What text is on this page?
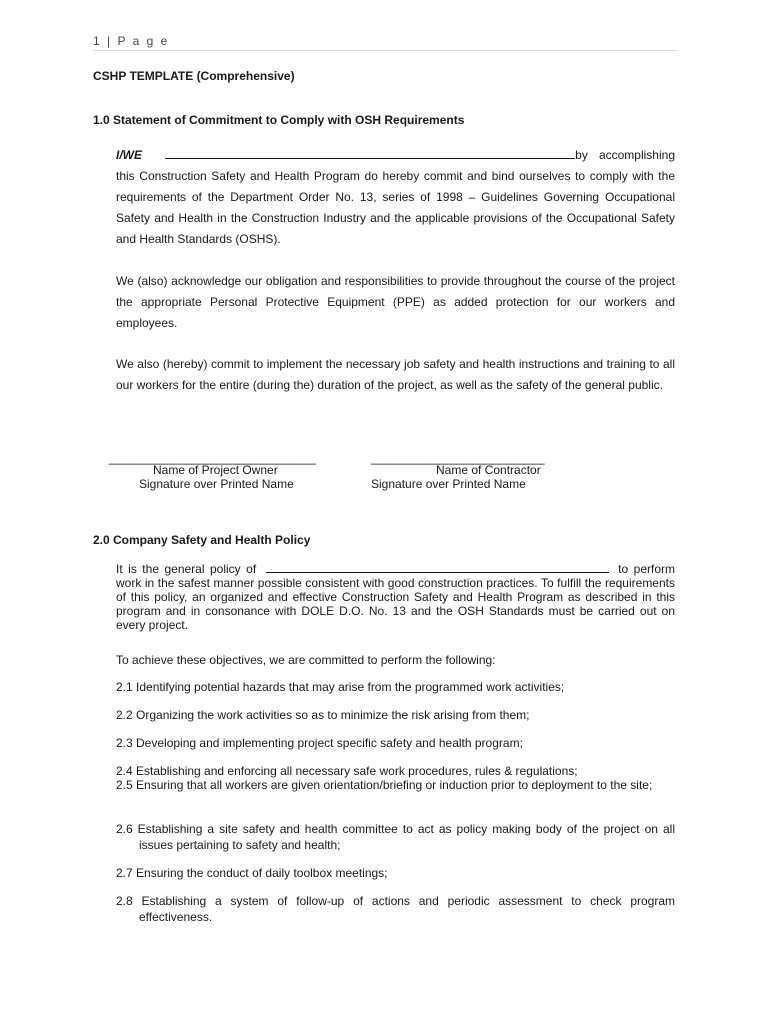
1 | P a g e
CSHP TEMPLATE (Comprehensive)
1.0 Statement of Commitment to Comply with OSH Requirements
I/WE	by accomplishing this Construction Safety and Health Program do hereby commit and bind ourselves to comply with the requirements of the Department Order No. 13, series of 1998 – Guidelines Governing Occupational Safety and Health in the Construction Industry and the applicable provisions of the Occupational Safety and Health Standards (OSHS).
We (also) acknowledge our obligation and responsibilities to provide throughout the course of the project the appropriate Personal Protective Equipment (PPE) as added protection for our workers and employees.
We also (hereby) commit to implement the necessary job safety and health instructions and training to all our workers for the entire (during the) duration of the project, as well as the safety of the general public.
_______________________________
Name of Project Owner
Signature over Printed Name
__________________________
Name of Contractor
Signature over Printed Name
2.0 Company Safety and Health Policy
It is the general policy of	to perform work in the safest manner possible consistent with good construction practices. To fulfill the requirements of this policy, an organized and effective Construction Safety and Health Program as described in this program and in consonance with DOLE D.O. No. 13 and the OSH Standards must be carried out on every project.
To achieve these objectives, we are committed to perform the following:
2.1 Identifying potential hazards that may arise from the programmed work activities;
2.2 Organizing the work activities so as to minimize the risk arising from them;
2.3 Developing and implementing project specific safety and health program;
2.4 Establishing and enforcing all necessary safe work procedures, rules & regulations;
2.5 Ensuring that all workers are given orientation/briefing or induction prior to deployment to the site;
2.6 Establishing a site safety and health committee to act as policy making body of the project on all issues pertaining to safety and health;
2.7 Ensuring the conduct of daily toolbox meetings;
2.8 Establishing a system of follow-up of actions and periodic assessment to check program effectiveness.
